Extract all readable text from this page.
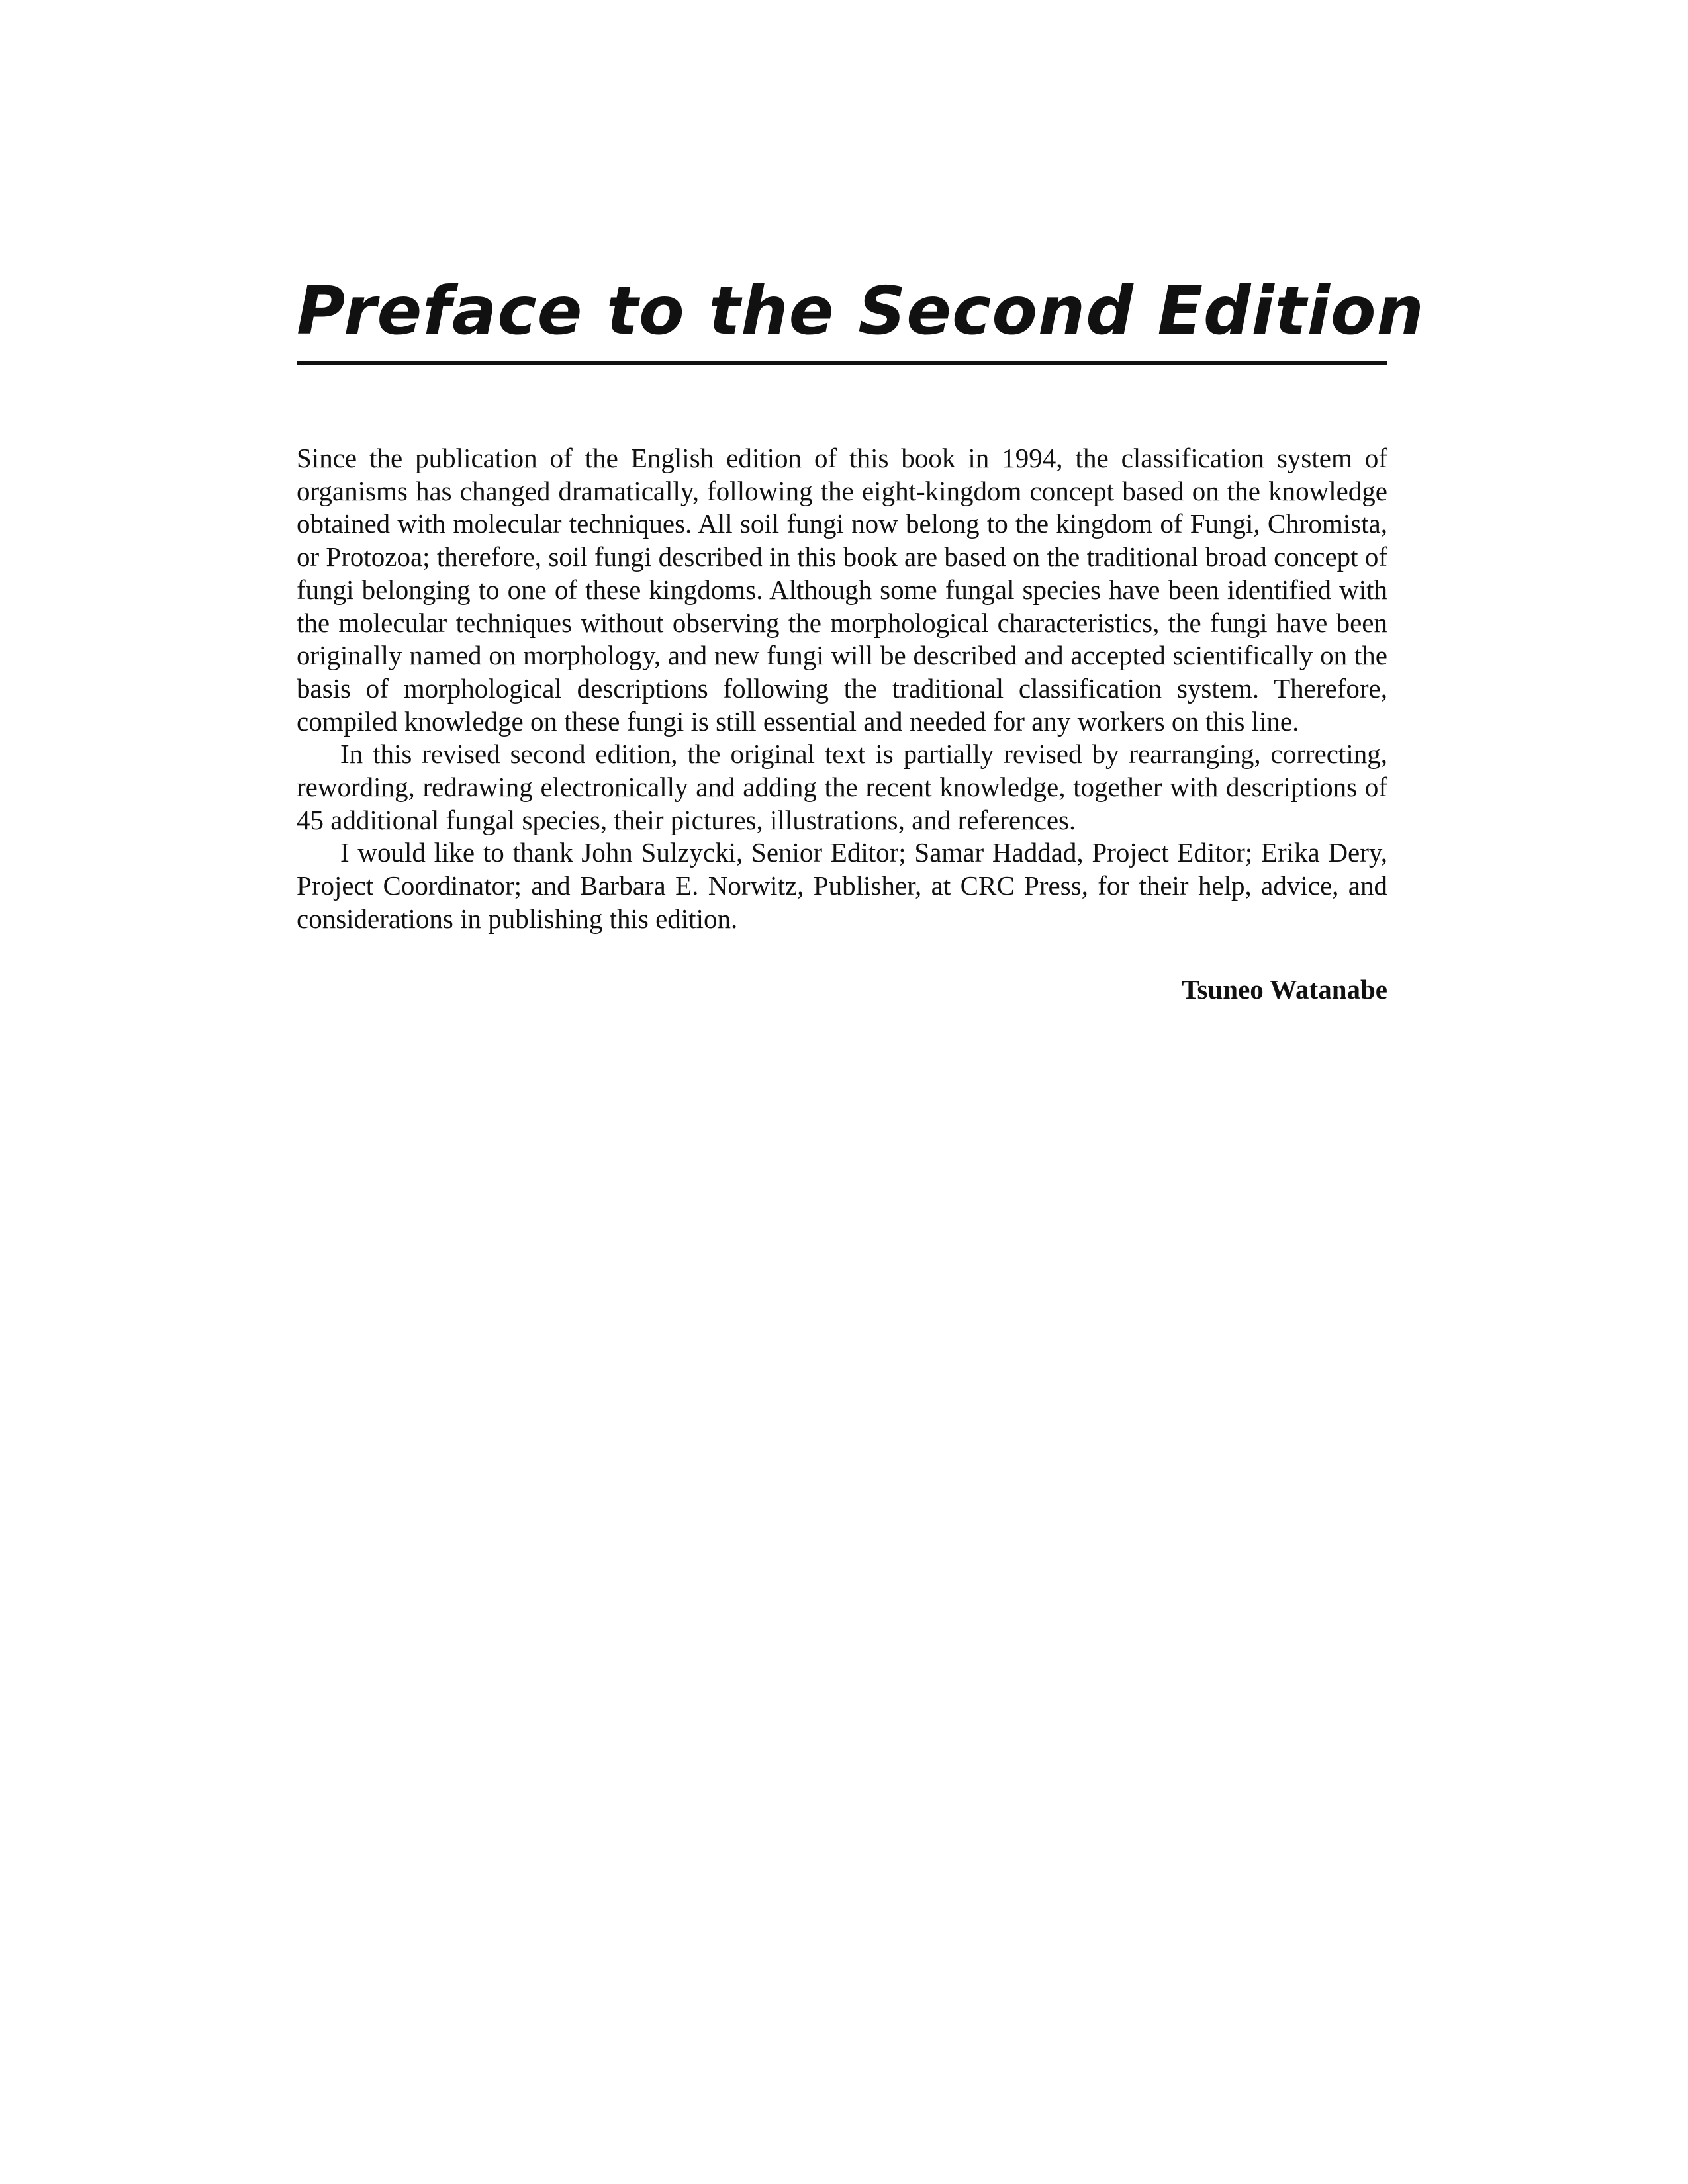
Preface to the Second Edition

Since the publication of the English edition of this book in 1994, the classification system of organisms has changed dramatically, following the eight-kingdom concept based on the knowledge obtained with molecular techniques. All soil fungi now belong to the kingdom of Fungi, Chromista, or Protozoa; therefore, soil fungi described in this book are based on the traditional broad concept of fungi belonging to one of these kingdoms. Although some fungal species have been identified with the molecular techniques without observing the morphological characteristics, the fungi have been originally named on morphology, and new fungi will be described and accepted scientifically on the basis of morphological descriptions following the traditional classification system. Therefore, compiled knowledge on these fungi is still essential and needed for any workers on this line.

In this revised second edition, the original text is partially revised by rearranging, correcting, rewording, redrawing electronically and adding the recent knowledge, together with descriptions of 45 additional fungal species, their pictures, illustrations, and references.

I would like to thank John Sulzycki, Senior Editor; Samar Haddad, Project Editor; Erika Dery, Project Coordinator; and Barbara E. Norwitz, Publisher, at CRC Press, for their help, advice, and considerations in publishing this edition.

Tsuneo Watanabe
